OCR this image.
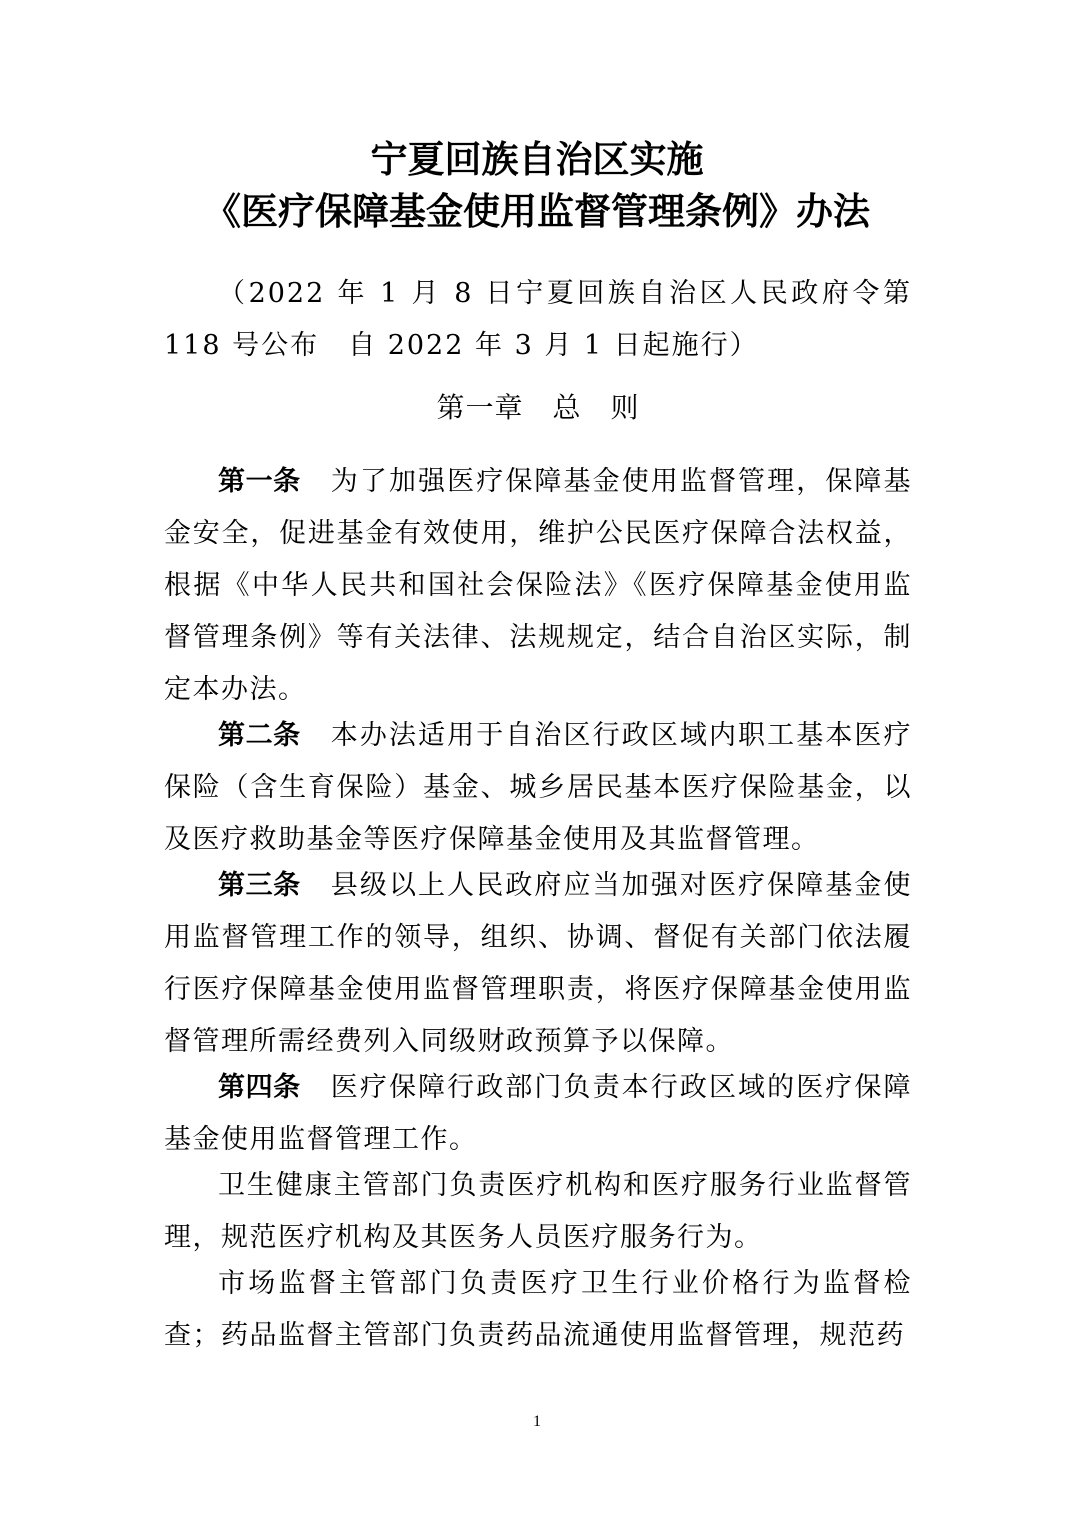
宁夏回族自治区实施
《医疗保障基金使用监督管理条例》办法
（2022 年 1 月 8 日宁夏回族自治区人民政府令第 118 号公布　自 2022 年 3 月 1 日起施行）
第一章　总　则
第一条 为了加强医疗保障基金使用监督管理，保障基金安全，促进基金有效使用，维护公民医疗保障合法权益，根据《中华人民共和国社会保险法》《医疗保障基金使用监督管理条例》等有关法律、法规规定，结合自治区实际，制定本办法。
第二条 本办法适用于自治区行政区域内职工基本医疗保险（含生育保险）基金、城乡居民基本医疗保险基金，以及医疗救助基金等医疗保障基金使用及其监督管理。
第三条 县级以上人民政府应当加强对医疗保障基金使用监督管理工作的领导，组织、协调、督促有关部门依法履行医疗保障基金使用监督管理职责，将医疗保障基金使用监督管理所需经费列入同级财政预算予以保障。
第四条 医疗保障行政部门负责本行政区域的医疗保障基金使用监督管理工作。
卫生健康主管部门负责医疗机构和医疗服务行业监督管理，规范医疗机构及其医务人员医疗服务行为。
市场监督主管部门负责医疗卫生行业价格行为监督检查；药品监督主管部门负责药品流通使用监督管理，规范药
1
